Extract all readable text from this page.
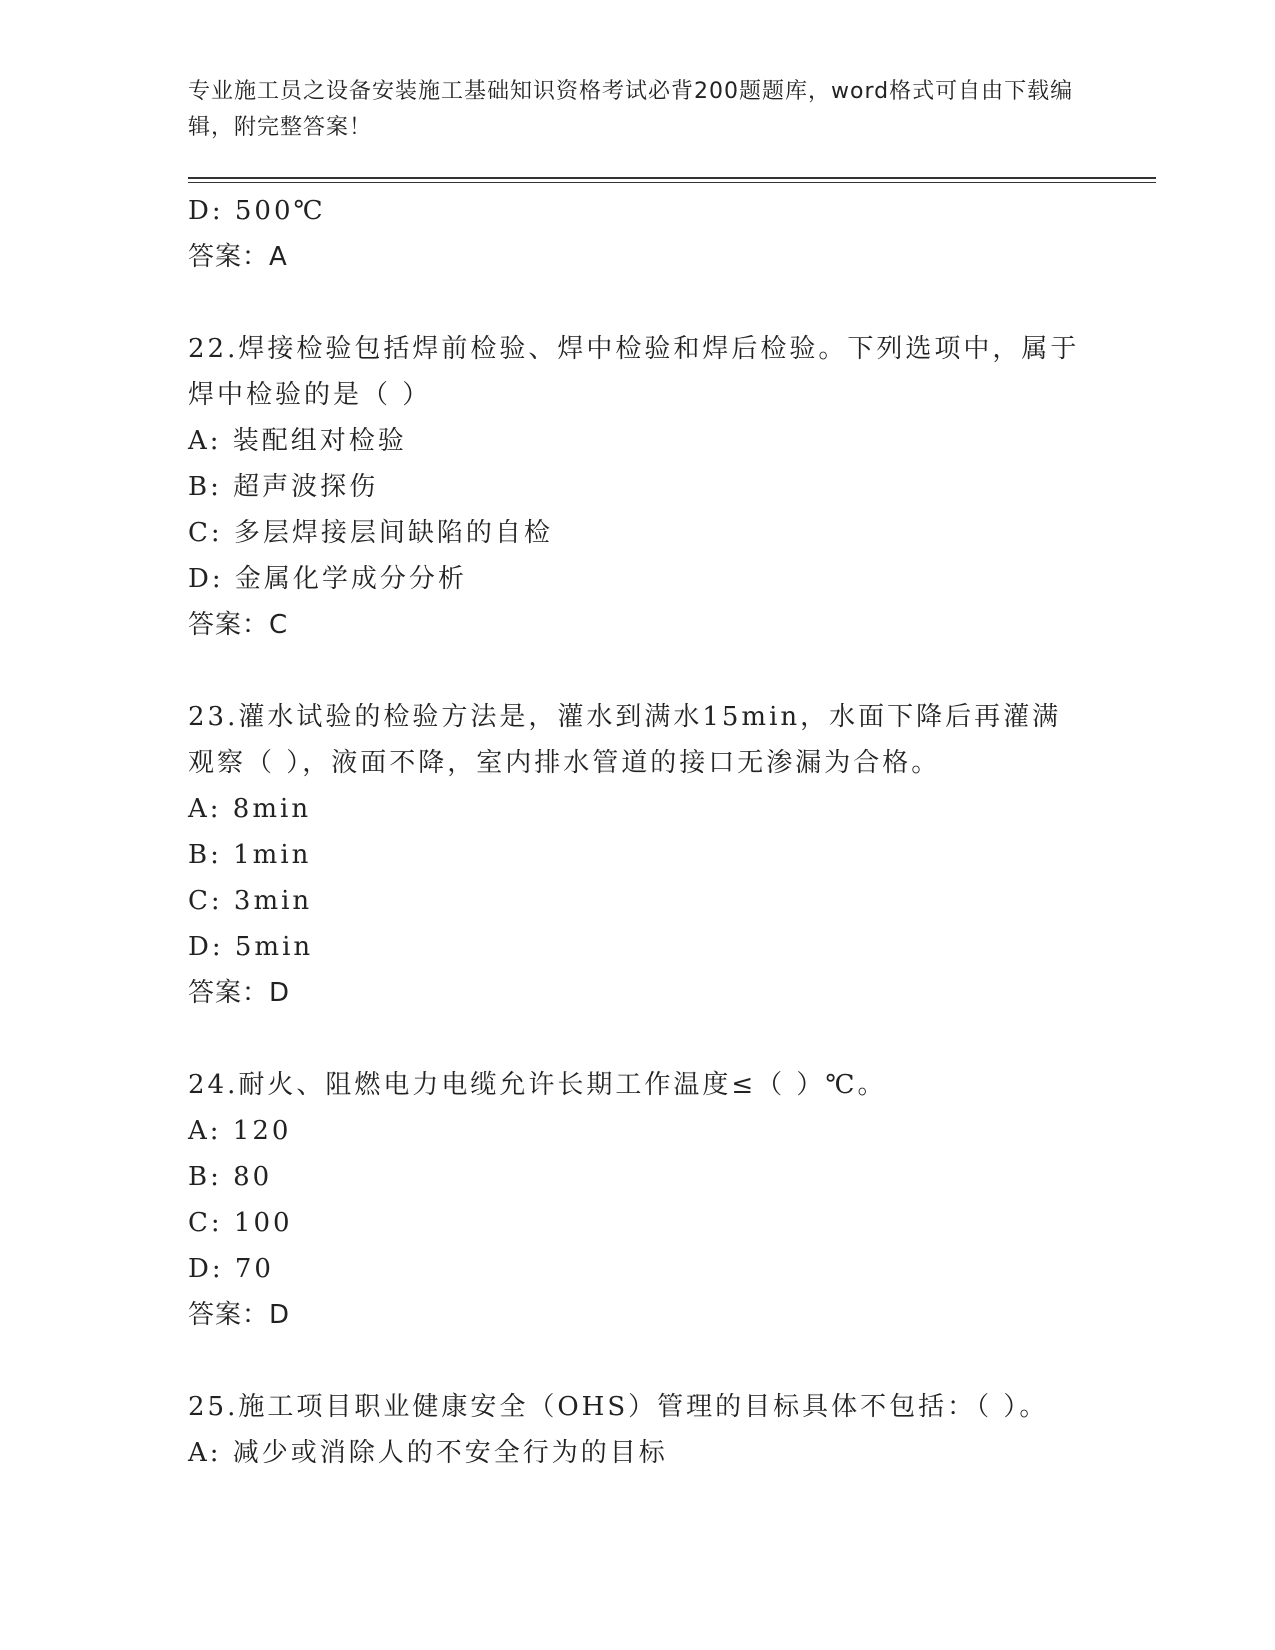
专业施工员之设备安装施工基础知识资格考试必背200题题库，word格式可自由下载编辑，附完整答案！
D: 500℃
答案：A
22.焊接检验包括焊前检验、焊中检验和焊后检验。下列选项中，属于焊中检验的是（ ）
A: 装配组对检验
B: 超声波探伤
C: 多层焊接层间缺陷的自检
D: 金属化学成分分析
答案：C
23.灌水试验的检验方法是，灌水到满水15min，水面下降后再灌满观察（ ），液面不降，室内排水管道的接口无渗漏为合格。
A: 8min
B: 1min
C: 3min
D: 5min
答案：D
24.耐火、阻燃电力电缆允许长期工作温度≤（ ）℃。
A: 120
B: 80
C: 100
D: 70
答案：D
25.施工项目职业健康安全（OHS）管理的目标具体不包括：（ ）。
A: 减少或消除人的不安全行为的目标
